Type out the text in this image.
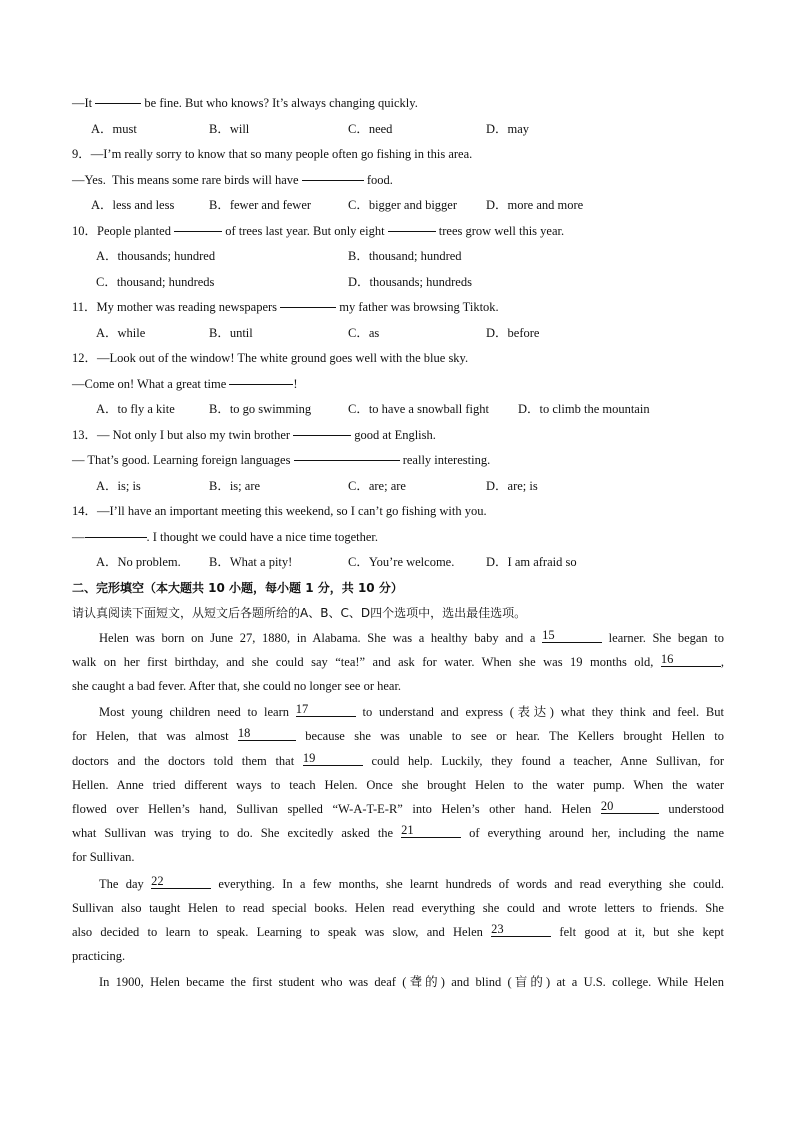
—It	be fine. But who knows? It’s always changing quickly.
A．must	B．will	C．need	D．may
9．—I’m really sorry to know that so many people often go fishing in this area.
—Yes.  This means some rare birds will have	food.
A．less and less	B．fewer and fewer	C．bigger and bigger D．more and more
10．People planted	of trees last year. But only eight	trees grow well this year.
A．thousands; hundred	B．thousand; hundred
C．thousand; hundreds	D．thousands; hundreds
11．My mother was reading newspapers	my father was browsing Tiktok.
A．while	B．until	C．as	D．before
12．—Look out of the window! The white ground goes well with the blue sky.
—Come on! What a great time	!
A．to fly a kite	B．to go swimming	C．to have a snowball fight D．to climb the mountain
13．— Not only I but also my twin brother	good at English.
— That’s good. Learning foreign languages	really interesting.
A．is; is	B．is; are	C．are; are	D．are; is
14．—I’ll have an important meeting this weekend, so I can’t go fishing with you.
—	. I thought we could have a nice time together.
A．No problem. B．What a pity!	C．You’re welcome.	D．I am afraid so
二、完形填空（本大题共 10 小题，每小题 1 分，共 10 分）
请认真阅读下面短文，从短文后各题所给的A、B、C、D四个选项中，选出最佳选项。
Helen was born on June 27, 1880, in Alabama. She was a healthy baby and a 15	learner. She began to
walk on her first birthday, and she could say “tea!” and ask for water. When she was 19 months old, 16	,
she caught a bad fever. After that, she could no longer see or hear.
Most young children need to learn 17	to understand and express (表达) what they think and feel. But
for Helen, that was almost 18	because she was unable to see or hear. The Kellers brought Hellen to
doctors and the doctors told them that 19	could help. Luckily, they found a teacher, Anne Sullivan, for
Hellen. Anne tried different ways to teach Helen. Once she brought Helen to the water pump. When the water
flowed over Hellen’s hand, Sullivan spelled “W-A-T-E-R” into Helen’s other hand. Helen 20	understood
what Sullivan was trying to do. She excitedly asked the 21	of everything around her, including the name
for Sullivan.
The day 22	everything. In a few months, she learnt hundreds of words and read everything she could.
Sullivan also taught Helen to read special books. Helen read everything she could and wrote letters to friends. She
also decided to learn to speak. Learning to speak was slow, and Helen 23	felt good at it, but she kept
practicing.
In 1900, Helen became the first student who was deaf (聋的) and blind (盲的) at a U.S. college. While Helen
